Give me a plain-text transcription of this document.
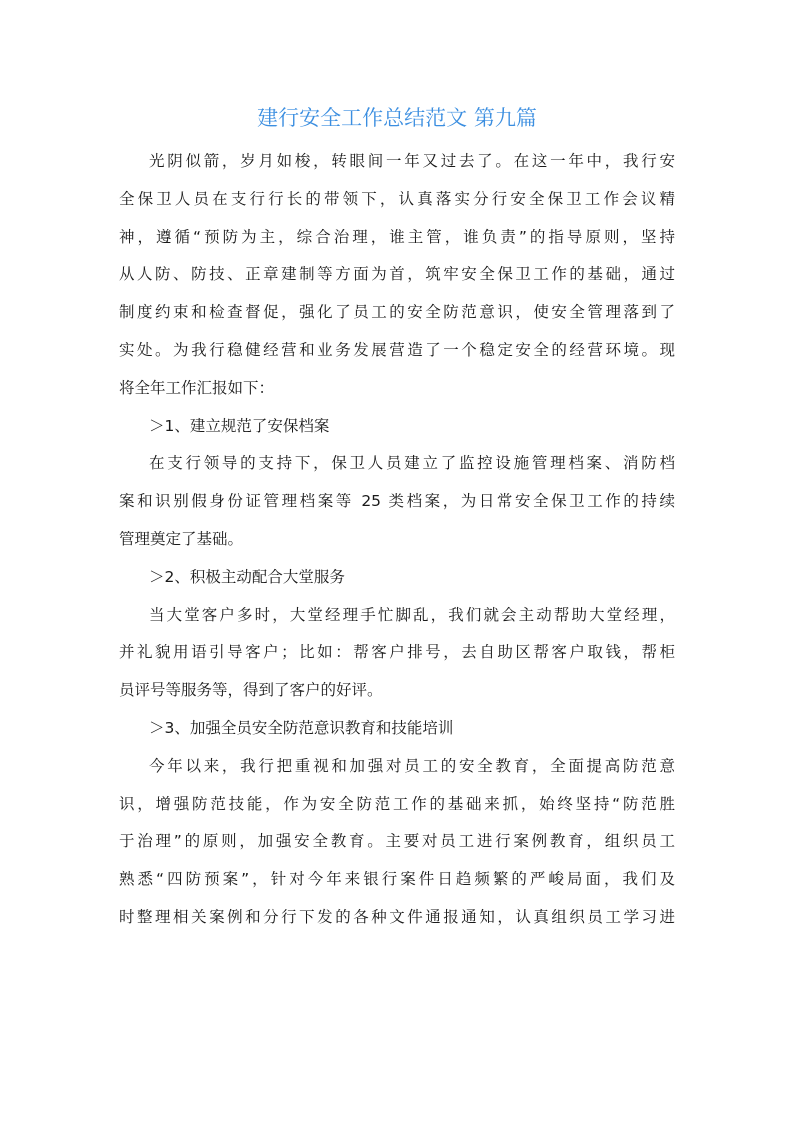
建行安全工作总结范文 第九篇
光阴似箭，岁月如梭，转眼间一年又过去了。在这一年中，我行安
全保卫人员在支行行长的带领下，认真落实分行安全保卫工作会议精
神，遵循“预防为主，综合治理，谁主管，谁负责”的指导原则，坚持
从人防、防技、正章建制等方面为首，筑牢安全保卫工作的基础，通过
制度约束和检查督促，强化了员工的安全防范意识，使安全管理落到了
实处。为我行稳健经营和业务发展营造了一个稳定安全的经营环境。现
将全年工作汇报如下：
＞1、建立规范了安保档案
在支行领导的支持下，保卫人员建立了监控设施管理档案、消防档
案和识别假身份证管理档案等 25 类档案，为日常安全保卫工作的持续
管理奠定了基础。
＞2、积极主动配合大堂服务
当大堂客户多时，大堂经理手忙脚乱，我们就会主动帮助大堂经理，
并礼貌用语引导客户；比如：帮客户排号，去自助区帮客户取钱，帮柜
员评号等服务等，得到了客户的好评。
＞3、加强全员安全防范意识教育和技能培训
今年以来，我行把重视和加强对员工的安全教育，全面提高防范意
识，增强防范技能，作为安全防范工作的基础来抓，始终坚持“防范胜
于治理”的原则，加强安全教育。主要对员工进行案例教育，组织员工
熟悉“四防预案”，针对今年来银行案件日趋频繁的严峻局面，我们及
时整理相关案例和分行下发的各种文件通报通知，认真组织员工学习进
